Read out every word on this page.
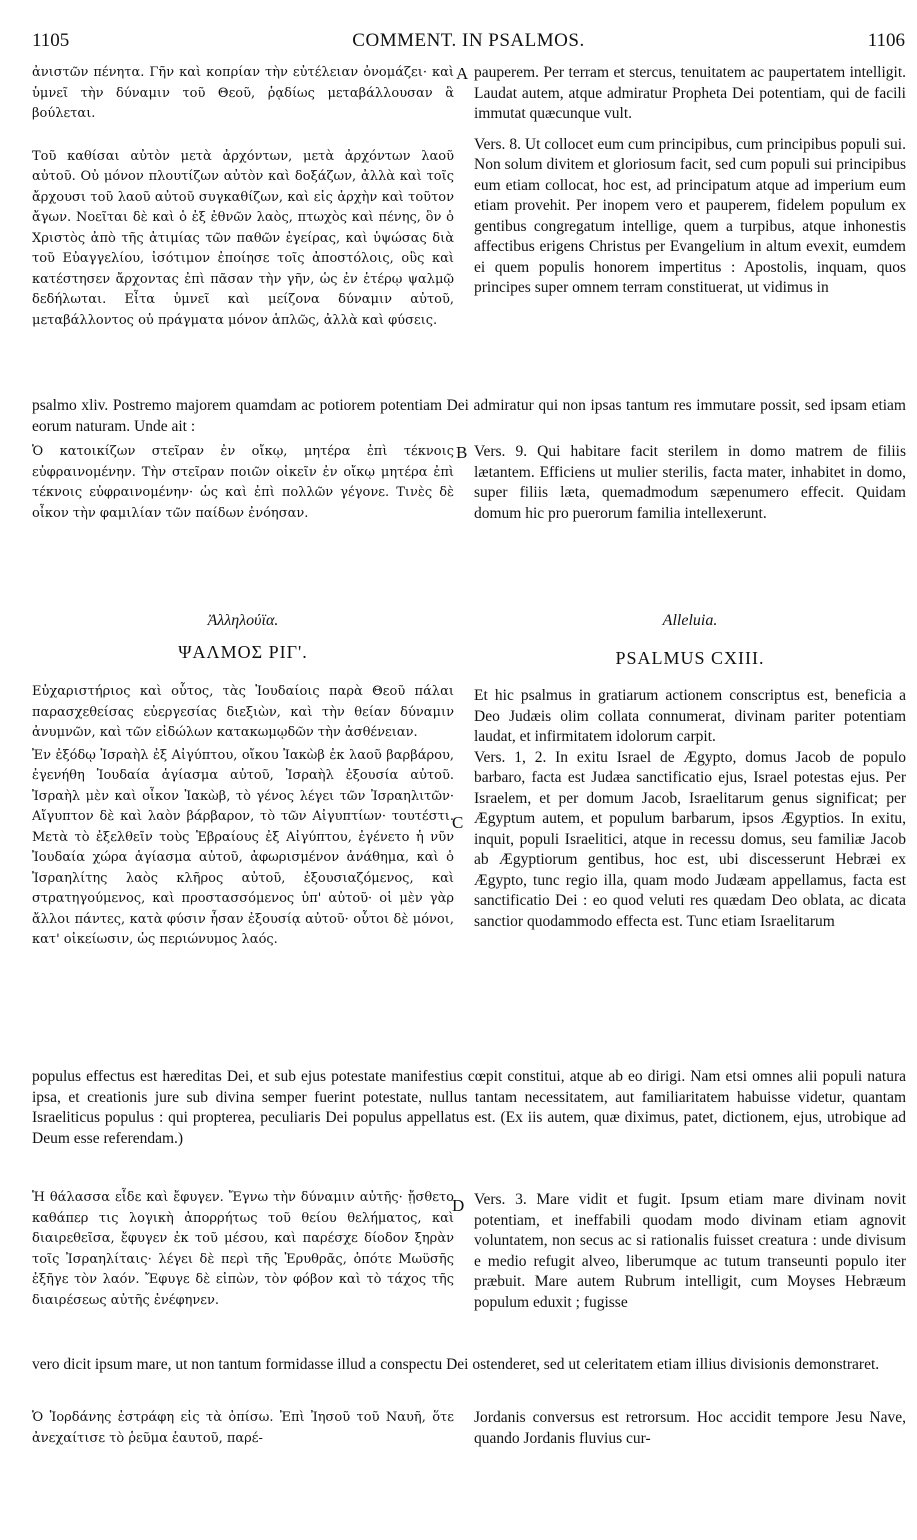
1105	COMMENT. IN PSALMOS.	1106

ἀνιστῶν πένητα. Γῆν καὶ κοπρίαν τὴν εὐτέλειαν ὀνομάζει· καὶ ὑμνεῖ τὴν δύναμιν τοῦ Θεοῦ, ῥᾳδίως μεταβάλλουσαν ἃ βούλεται.

Τοῦ καθίσαι αὐτὸν μετὰ ἀρχόντων, μετὰ ἀρχόντων λαοῦ αὐτοῦ. Οὐ μόνον πλουτίζων αὐτὸν καὶ δοξάζων, ἀλλὰ καὶ τοῖς ἄρχουσι τοῦ λαοῦ αὐτοῦ συγκαθίζων, καὶ εἰς ἀρχὴν καὶ τοῦτον ἄγων. Νοεῖται δὲ καὶ ὁ ἐξ ἐθνῶν λαὸς, πτωχὸς καὶ πένης, ὃν ὁ Χριστὸς ἀπὸ τῆς ἀτιμίας τῶν παθῶν ἐγείρας, καὶ ὑψώσας διὰ τοῦ Εὐαγγελίου, ἰσότιμον ἐποίησε τοῖς ἀποστόλοις, οὓς καὶ κατέστησεν ἄρχοντας ἐπὶ πᾶσαν τὴν γῆν, ὡς ἐν ἑτέρῳ ψαλμῷ δεδήλωται. Εἶτα ὑμνεῖ καὶ μείζονα δύναμιν αὐτοῦ, μεταβάλλοντος οὐ πράγματα μόνον ἁπλῶς, ἀλλὰ καὶ φύσεις.

A pauperem. Per terram et stercus, tenuitatem ac paupertatem intelligit. Laudat autem, atque admiratur Propheta Dei potentiam, qui de facili immutat quæcunque vult.

Vers. 8. Ut collocet eum cum principibus, cum principibus populi sui. Non solum divitem et gloriosum facit, sed cum populi sui principibus eum etiam collocat, hoc est, ad principatum atque ad imperium eum etiam provehit. Per inopem vero et pauperem, fidelem populum ex gentibus congregatum intellige, quem a turpibus, atque inhonestis affectibus erigens Christus per Evangelium in altum evexit, eumdem ei quem populis honorem impertitus : Apostolis, inquam, quos principes super omnem terram constituerat, ut vidimus in

psalmo xliv. Postremo majorem quamdam ac potiorem potentiam Dei admiratur qui non ipsas tantum res immutare possit, sed ipsam etiam eorum naturam. Unde ait :

Ὁ κατοικίζων στεῖραν ἐν οἴκῳ, μητέρα ἐπὶ τέκνοις εὐφραινομένην. Τὴν στεῖραν ποιῶν οἰκεῖν ἐν οἴκῳ μητέρα ἐπὶ τέκνοις εὐφραινομένην· ὡς καὶ ἐπὶ πολλῶν γέγονε. Τινὲς δὲ οἶκον τὴν φαμιλίαν τῶν παίδων ἐνόησαν.

B Vers. 9. Qui habitare facit sterilem in domo matrem de filiis lætantem. Efficiens ut mulier sterilis, facta mater, inhabitet in domo, super filiis læta, quemadmodum sæpenumero effecit. Quidam domum hic pro puerorum familia intellexerunt.

Ἀλληλούϊα.
ΨΑΛΜΟΣ ΡΙΓ'.
Alleluia.
PSALMUS CXIII.

Εὐχαριστήριος καὶ οὗτος, τὰς Ἰουδαίοις παρὰ Θεοῦ πάλαι παρασχεθείσας εὐεργεσίας διεξιὼν, καὶ τὴν θείαν δύναμιν ἀνυμνῶν, καὶ τῶν εἰδώλων κατακωμῳδῶν τὴν ἀσθένειαν.

Ἐν ἐξόδῳ Ἰσραὴλ ἐξ Αἰγύπτου, οἴκου Ἰακὼβ ἐκ λαοῦ βαρβάρου, ἐγενήθη Ἰουδαία ἁγίασμα αὐτοῦ, Ἰσραὴλ ἐξουσία αὐτοῦ. Ἰσραὴλ μὲν καὶ οἶκον Ἰακὼβ, τὸ γένος λέγει τῶν Ἰσραηλιτῶν· Αἴγυπτον δὲ καὶ λαὸν βάρβαρον, τὸ τῶν Αἰγυπτίων· τουτέστι. Μετὰ τὸ ἐξελθεῖν τοὺς Ἑβραίους ἐξ Αἰγύπτου, ἐγένετο ἡ νῦν Ἰουδαία χώρα ἁγίασμα αὐτοῦ, ἀφωρισμένον ἀνάθημα, καὶ ὁ Ἰσραηλίτης λαὸς κλῆρος αὐτοῦ, ἐξουσιαζόμενος, καὶ στρατηγούμενος, καὶ προστασσόμενος ὑπ' αὐτοῦ· οἱ μὲν γὰρ ἄλλοι πάντες, κατὰ φύσιν ἦσαν ἐξουσίᾳ αὐτοῦ· οὗτοι δὲ μόνοι, κατ' οἰκείωσιν, ὡς περιώνυμος λαός.

C

Et hic psalmus in gratiarum actionem conscriptus est, beneficia a Deo Judæis olim collata connumerat, divinam pariter potentiam laudat, et infirmitatem idolorum carpit.

Vers. 1, 2. In exitu Israel de Ægypto, domus Jacob de populo barbaro, facta est Judæa sanctificatio ejus, Israel potestas ejus. Per Israelem, et per domum Jacob, Israelitarum genus significat; per Ægyptum autem, et populum barbarum, ipsos Ægyptios. In exitu, inquit, populi Israelitici, atque in recessu domus, seu familiæ Jacob ab Ægyptiorum gentibus, hoc est, ubi discesserunt Hebræi ex Ægypto, tunc regio illa, quam modo Judæam appellamus, facta est sanctificatio Dei : eo quod veluti res quædam Deo oblata, ac dicata sanctior quodammodo effecta est. Tunc etiam Israelitarum

populus effectus est hæreditas Dei, et sub ejus potestate manifestius cœpit constitui, atque ab eo dirigi. Nam etsi omnes alii populi natura ipsa, et creationis jure sub divina semper fuerint potestate, nullus tantam necessitatem, aut familiaritatem habuisse videtur, quantam Israeliticus populus : qui propterea, peculiaris Dei populus appellatus est. (Ex iis autem, quæ diximus, patet, dictionem, ejus, utrobique ad Deum esse referendam.)

Ἡ θάλασσα εἶδε καὶ ἔφυγεν. Ἔγνω τὴν δύναμιν αὐτῆς· ᾔσθετο καθάπερ τις λογικὴ ἀπορρήτως τοῦ θείου θελήματος, καὶ διαιρεθεῖσα, ἔφυγεν ἐκ τοῦ μέσου, καὶ παρέσχε δίοδον ξηρὰν τοῖς Ἰσραηλίταις· λέγει δὲ περὶ τῆς Ἐρυθρᾶς, ὁπότε Μωϋσῆς ἐξῆγε τὸν λαόν. Ἔφυγε δὲ εἰπὼν, τὸν φόβον καὶ τὸ τάχος τῆς διαιρέσεως αὐτῆς ἐνέφηνεν.

D Vers. 3. Mare vidit et fugit. Ipsum etiam mare divinam novit potentiam, et ineffabili quodam modo divinam etiam agnovit voluntatem, non secus ac si rationalis fuisset creatura : unde divisum e medio refugit alveo, liberumque ac tutum transeunti populo iter præbuit. Mare autem Rubrum intelligit, cum Moyses Hebræum populum eduxit ; fugisse

vero dicit ipsum mare, ut non tantum formidasse illud a conspectu Dei ostenderet, sed ut celeritatem etiam illius divisionis demonstraret.

Ὁ Ἰορδάνης ἐστράφη εἰς τὰ ὀπίσω. Ἐπὶ Ἰησοῦ τοῦ Ναυῆ, ὅτε ἀνεχαίτισε τὸ ῥεῦμα ἑαυτοῦ, παρέ-

Jordanis conversus est retrorsum. Hoc accidit tempore Jesu Nave, quando Jordanis fluvius cur-
